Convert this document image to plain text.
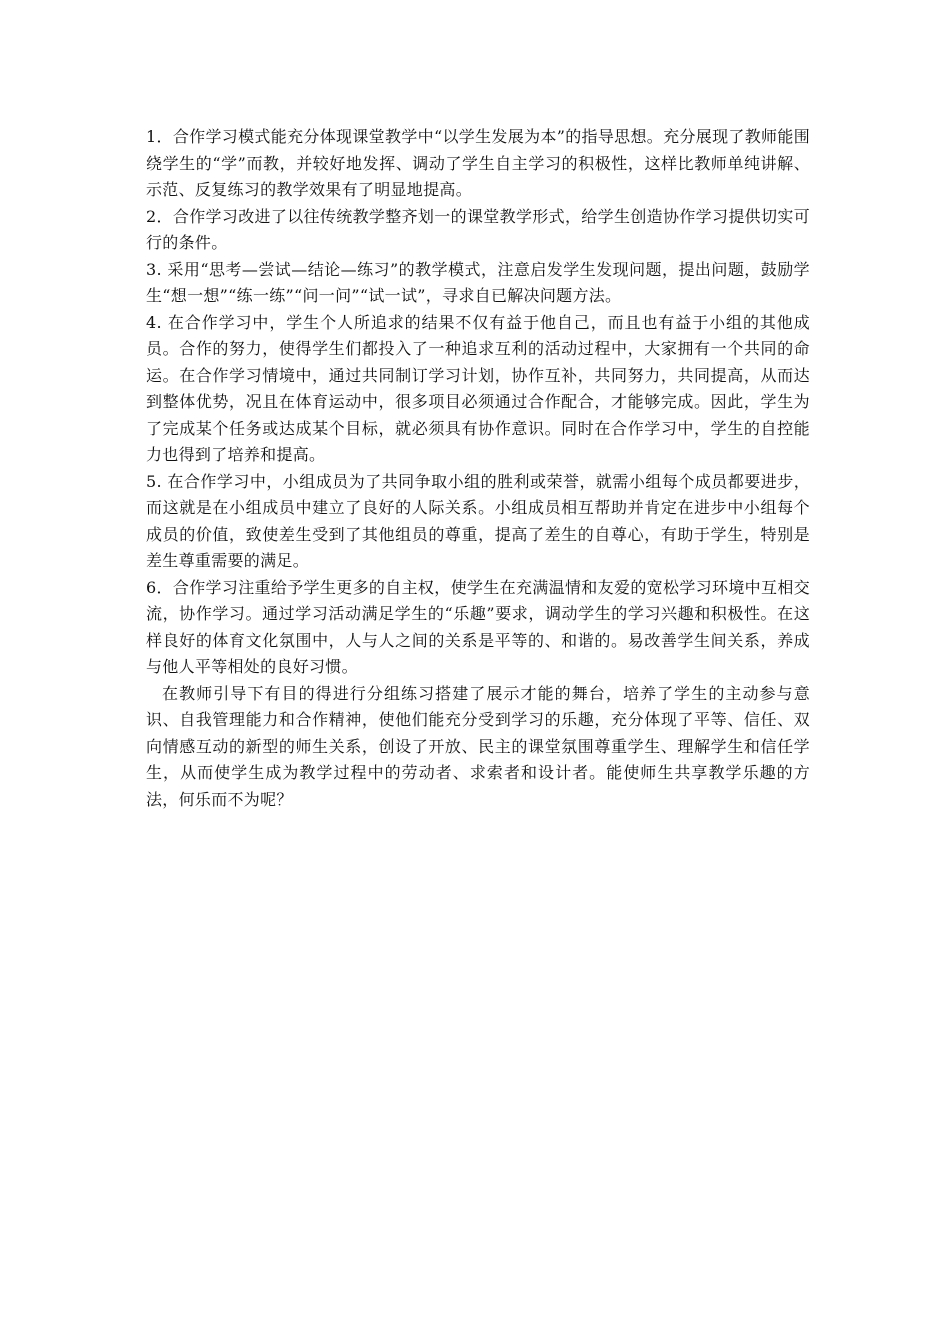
1．合作学习模式能充分体现课堂教学中“以学生发展为本”的指导思想。充分展现了教师能围绕学生的“学”而教，并较好地发挥、调动了学生自主学习的积极性，这样比教师单纯讲解、示范、反复练习的教学效果有了明显地提高。

2．合作学习改进了以往传统教学整齐划一的课堂教学形式，给学生创造协作学习提供切实可行的条件。

3. 采用“思考—尝试—结论—练习”的教学模式，注意启发学生发现问题，提出问题，鼓励学生“想一想”“练一练”“问一问”“试一试”，寻求自已解决问题方法。

4. 在合作学习中，学生个人所追求的结果不仅有益于他自己，而且也有益于小组的其他成员。合作的努力，使得学生们都投入了一种追求互利的活动过程中，大家拥有一个共同的命运。在合作学习情境中，通过共同制订学习计划，协作互补，共同努力，共同提高，从而达到整体优势，况且在体育运动中，很多项目必须通过合作配合，才能够完成。因此，学生为了完成某个任务或达成某个目标，就必须具有协作意识。同时在合作学习中，学生的自控能力也得到了培养和提高。

5. 在合作学习中，小组成员为了共同争取小组的胜利或荣誉，就需小组每个成员都要进步，而这就是在小组成员中建立了良好的人际关系。小组成员相互帮助并肯定在进步中小组每个成员的价值，致使差生受到了其他组员的尊重，提高了差生的自尊心，有助于学生，特别是差生尊重需要的满足。

6．合作学习注重给予学生更多的自主权，使学生在充满温情和友爱的宽松学习环境中互相交流，协作学习。通过学习活动满足学生的“乐趣”要求，调动学生的学习兴趣和积极性。在这样良好的体育文化氛围中，人与人之间的关系是平等的、和谐的。易改善学生间关系，养成与他人平等相处的良好习惯。

在教师引导下有目的得进行分组练习搭建了展示才能的舞台，培养了学生的主动参与意识、自我管理能力和合作精神，使他们能充分受到学习的乐趣，充分体现了平等、信任、双向情感互动的新型的师生关系，创设了开放、民主的课堂氛围尊重学生、理解学生和信任学生，从而使学生成为教学过程中的劳动者、求索者和设计者。能使师生共享教学乐趣的方法，何乐而不为呢？
